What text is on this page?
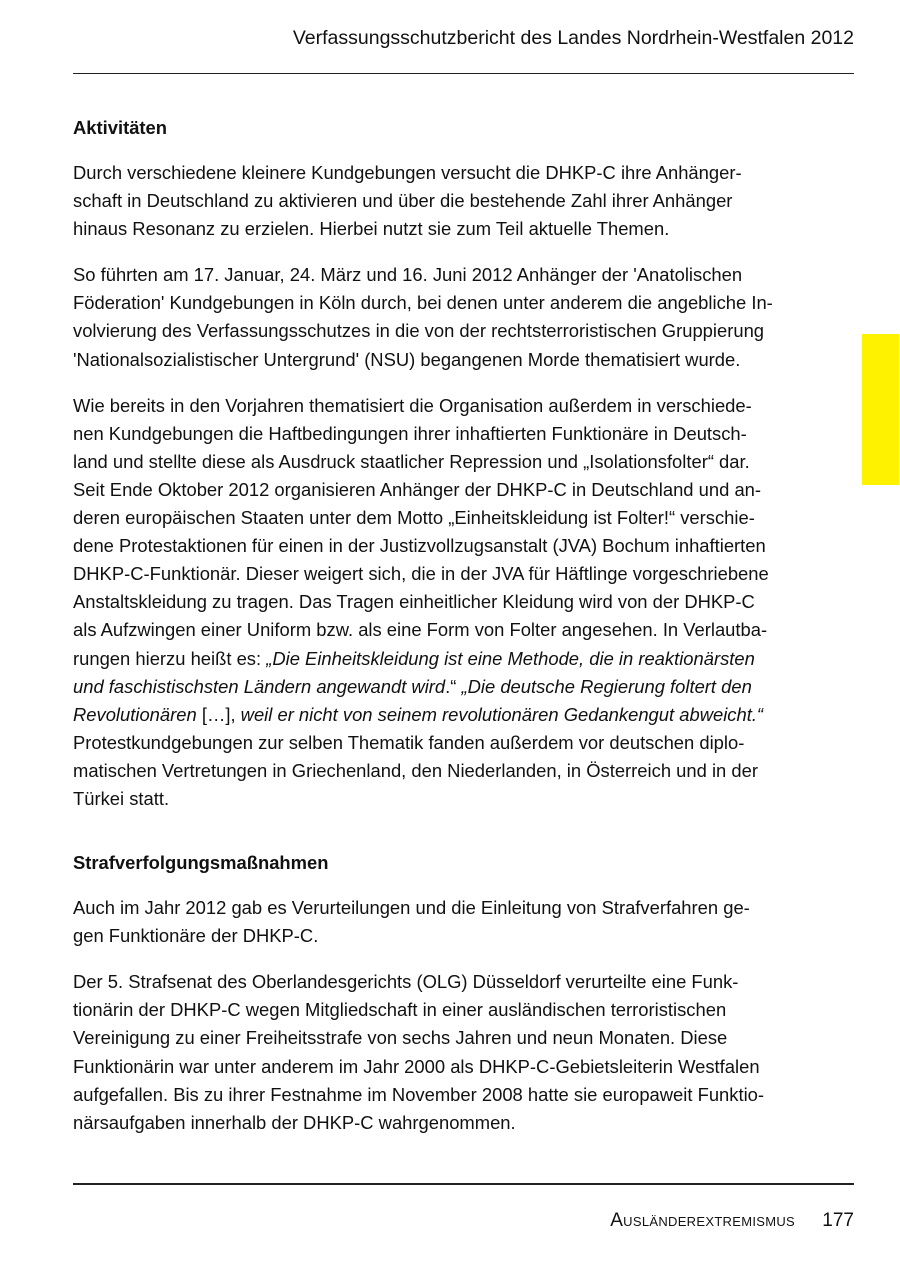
Verfassungsschutzbericht des Landes Nordrhein-Westfalen 2012
Aktivitäten

Durch verschiedene kleinere Kundgebungen versucht die DHKP-C ihre Anhänger-
schaft in Deutschland zu aktivieren und über die bestehende Zahl ihrer Anhänger
hinaus Resonanz zu erzielen. Hierbei nutzt sie zum Teil aktuelle Themen.

So führten am 17. Januar, 24. März und 16. Juni 2012 Anhänger der 'Anatolischen
Föderation' Kundgebungen in Köln durch, bei denen unter anderem die angebliche In-
volvierung des Verfassungsschutzes in die von der rechtsterroristischen Gruppierung
'Nationalsozialistischer Untergrund' (NSU) begangenen Morde thematisiert wurde.

Wie bereits in den Vorjahren thematisiert die Organisation außerdem in verschiede-
nen Kundgebungen die Haftbedingungen ihrer inhaftierten Funktionäre in Deutsch-
land und stellte diese als Ausdruck staatlicher Repression und „Isolationsfolter“ dar.
Seit Ende Oktober 2012 organisieren Anhänger der DHKP-C in Deutschland und an-
deren europäischen Staaten unter dem Motto „Einheitskleidung ist Folter!“ verschie-
dene Protestaktionen für einen in der Justizvollzugsanstalt (JVA) Bochum inhaftierten
DHKP-C-Funktionär. Dieser weigert sich, die in der JVA für Häftlinge vorgeschriebene
Anstaltskleidung zu tragen. Das Tragen einheitlicher Kleidung wird von der DHKP-C
als Aufzwingen einer Uniform bzw. als eine Form von Folter angesehen. In Verlautba-
rungen hierzu heißt es: „Die Einheitskleidung ist eine Methode, die in reaktionärsten
und faschistischsten Ländern angewandt wird.“ „Die deutsche Regierung foltert den
Revolutionären […], weil er nicht von seinem revolutionären Gedankengut abweicht.“
Protestkundgebungen zur selben Thematik fanden außerdem vor deutschen diplo-
matischen Vertretungen in Griechenland, den Niederlanden, in Österreich und in der
Türkei statt.

Strafverfolgungsmaßnahmen

Auch im Jahr 2012 gab es Verurteilungen und die Einleitung von Strafverfahren ge-
gen Funktionäre der DHKP-C.

Der 5. Strafsenat des Oberlandesgerichts (OLG) Düsseldorf verurteilte eine Funk-
tionärin der DHKP-C wegen Mitgliedschaft in einer ausländischen terroristischen
Vereinigung zu einer Freiheitsstrafe von sechs Jahren und neun Monaten. Diese
Funktionärin war unter anderem im Jahr 2000 als DHKP-C-Gebietsleiterin Westfalen
aufgefallen. Bis zu ihrer Festnahme im November 2008 hatte sie europaweit Funktio-
närsaufgaben innerhalb der DHKP-C wahrgenommen.

Ausländerextremismus 177
